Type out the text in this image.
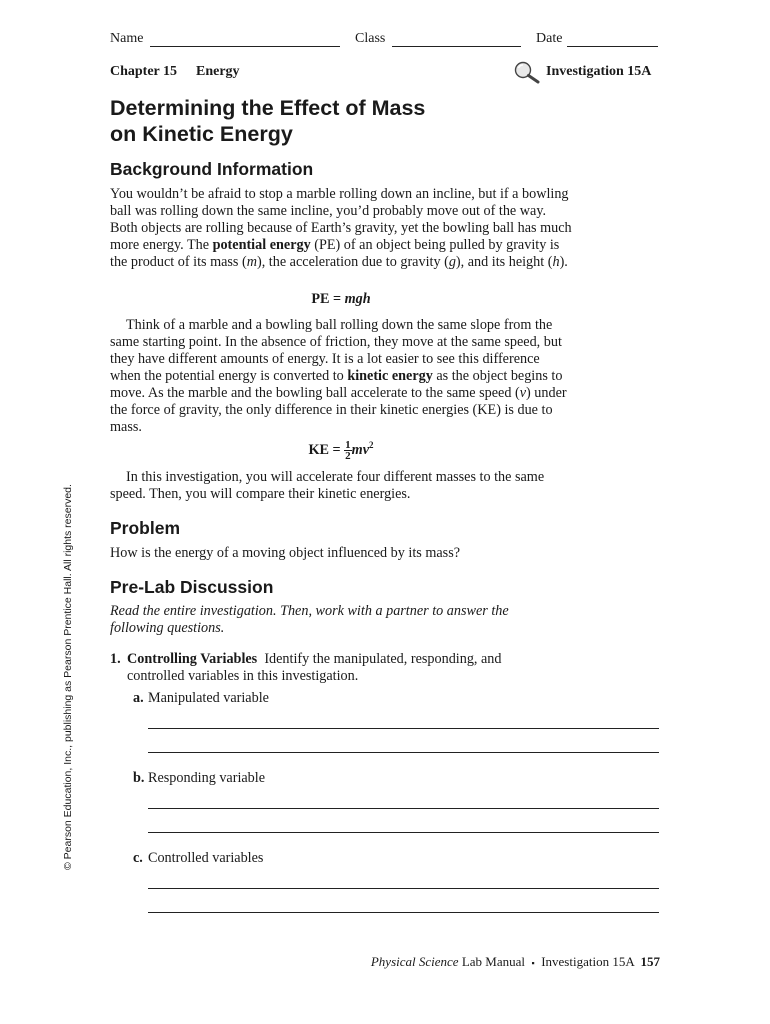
Name	Class	Date
Chapter 15 Energy	Investigation 15A
Determining the Effect of Mass
on Kinetic Energy
Background Information

You wouldn’t be afraid to stop a marble rolling down an incline, but if a bowling ball was rolling down the same incline, you’d probably move out of the way. Both objects are rolling because of Earth’s gravity, yet the bowling ball has much more energy. The potential energy (PE) of an object being pulled by gravity is the product of its mass (m), the acceleration due to gravity (g), and its height (h).

PE = mgh

Think of a marble and a bowling ball rolling down the same slope from the same starting point. In the absence of friction, they move at the same speed, but they have different amounts of energy. It is a lot easier to see this difference when the potential energy is converted to kinetic energy as the object begins to move. As the marble and the bowling ball accelerate to the same speed (v) under the force of gravity, the only difference in their kinetic energies (KE) is due to mass.

KE = $\frac{1}{2} mv^2$

In this investigation, you will accelerate four different masses to the same speed. Then, you will compare their kinetic energies.

Problem

How is the energy of a moving object influenced by its mass?

Pre-Lab Discussion

Read the entire investigation. Then, work with a partner to answer the following questions.

1. Controlling Variables Identify the manipulated, responding, and controlled variables in this investigation.

a. Manipulated variable
b. Responding variable
c. Controlled variables
Physical Science Lab Manual ▪ Investigation 15A 157
© Pearson Education, Inc., publishing as Pearson Prentice Hall. All rights reserved.
